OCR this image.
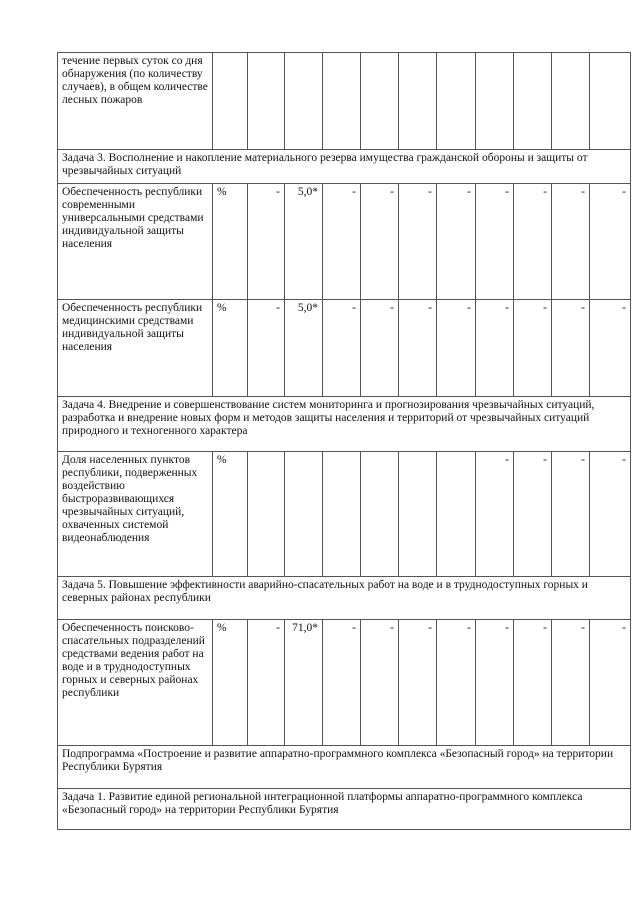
течение первых суток со дня обнаружения (по количеству случаев), в общем количестве лесных пожаров											
Задача 3. Восполнение и накопление материального резерва имущества гражданской обороны и защиты от чрезвычайных ситуаций											
Обеспеченность республики современными универсальными средствами индивидуальной защиты населения	%	-	5,0*	-	-	-	-	-	-	-	-
Обеспеченность республики медицинскими средствами индивидуальной защиты населения	%	-	5,0*	-	-	-	-	-	-	-	-
Задача 4. Внедрение и совершенствование систем мониторинга и прогнозирования чрезвычайных ситуаций, разработка и внедрение новых форм и методов защиты населения и территорий от чрезвычайных ситуаций природного и техногенного характера											
Доля населенных пунктов республики, подверженных воздействию быстроразвивающихся чрезвычайных ситуаций, охваченных системой видеонаблюдения	%							-	-	-	-
Задача 5. Повышение эффективности аварийно-спасательных работ на воде и в труднодоступных горных и северных районах республики											
Обеспеченность поисково-спасательных подразделений средствами ведения работ на воде и в труднодоступных горных и северных районах республики	%	-	71,0*	-	-	-	-	-	-	-	-
Подпрограмма «Построение и развитие аппаратно-программного комплекса «Безопасный город» на территории Республики Бурятия											
Задача 1. Развитие единой региональной интеграционной платформы аппаратно-программного комплекса «Безопасный город» на территории Республики Бурятия											
